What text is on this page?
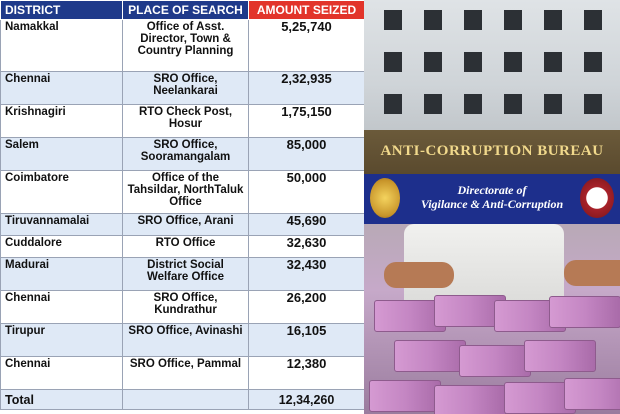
DISTRICT	PLACE OF SEARCH	AMOUNT SEIZED
Namakkal	Office of Asst. Director, Town & Country Planning	5,25,740
Chennai	SRO Office, Neelankarai	2,32,935
Krishnagiri	RTO Check Post, Hosur	1,75,150
Salem	SRO Office, Sooramangalam	85,000
Coimbatore	Office of the Tahsildar, NorthTaluk Office	50,000
Tiruvannamalai	SRO Office, Arani	45,690
Cuddalore	RTO Office	32,630
Madurai	District Social Welfare Office	32,430
Chennai	SRO Office, Kundrathur	26,200
Tirupur	SRO Office, Avinashi	16,105
Chennai	SRO Office, Pammal	12,380
Total		12,34,260
ANTI-CORRUPTION BUREAU
Directorate of
Vigilance & Anti-Corruption
